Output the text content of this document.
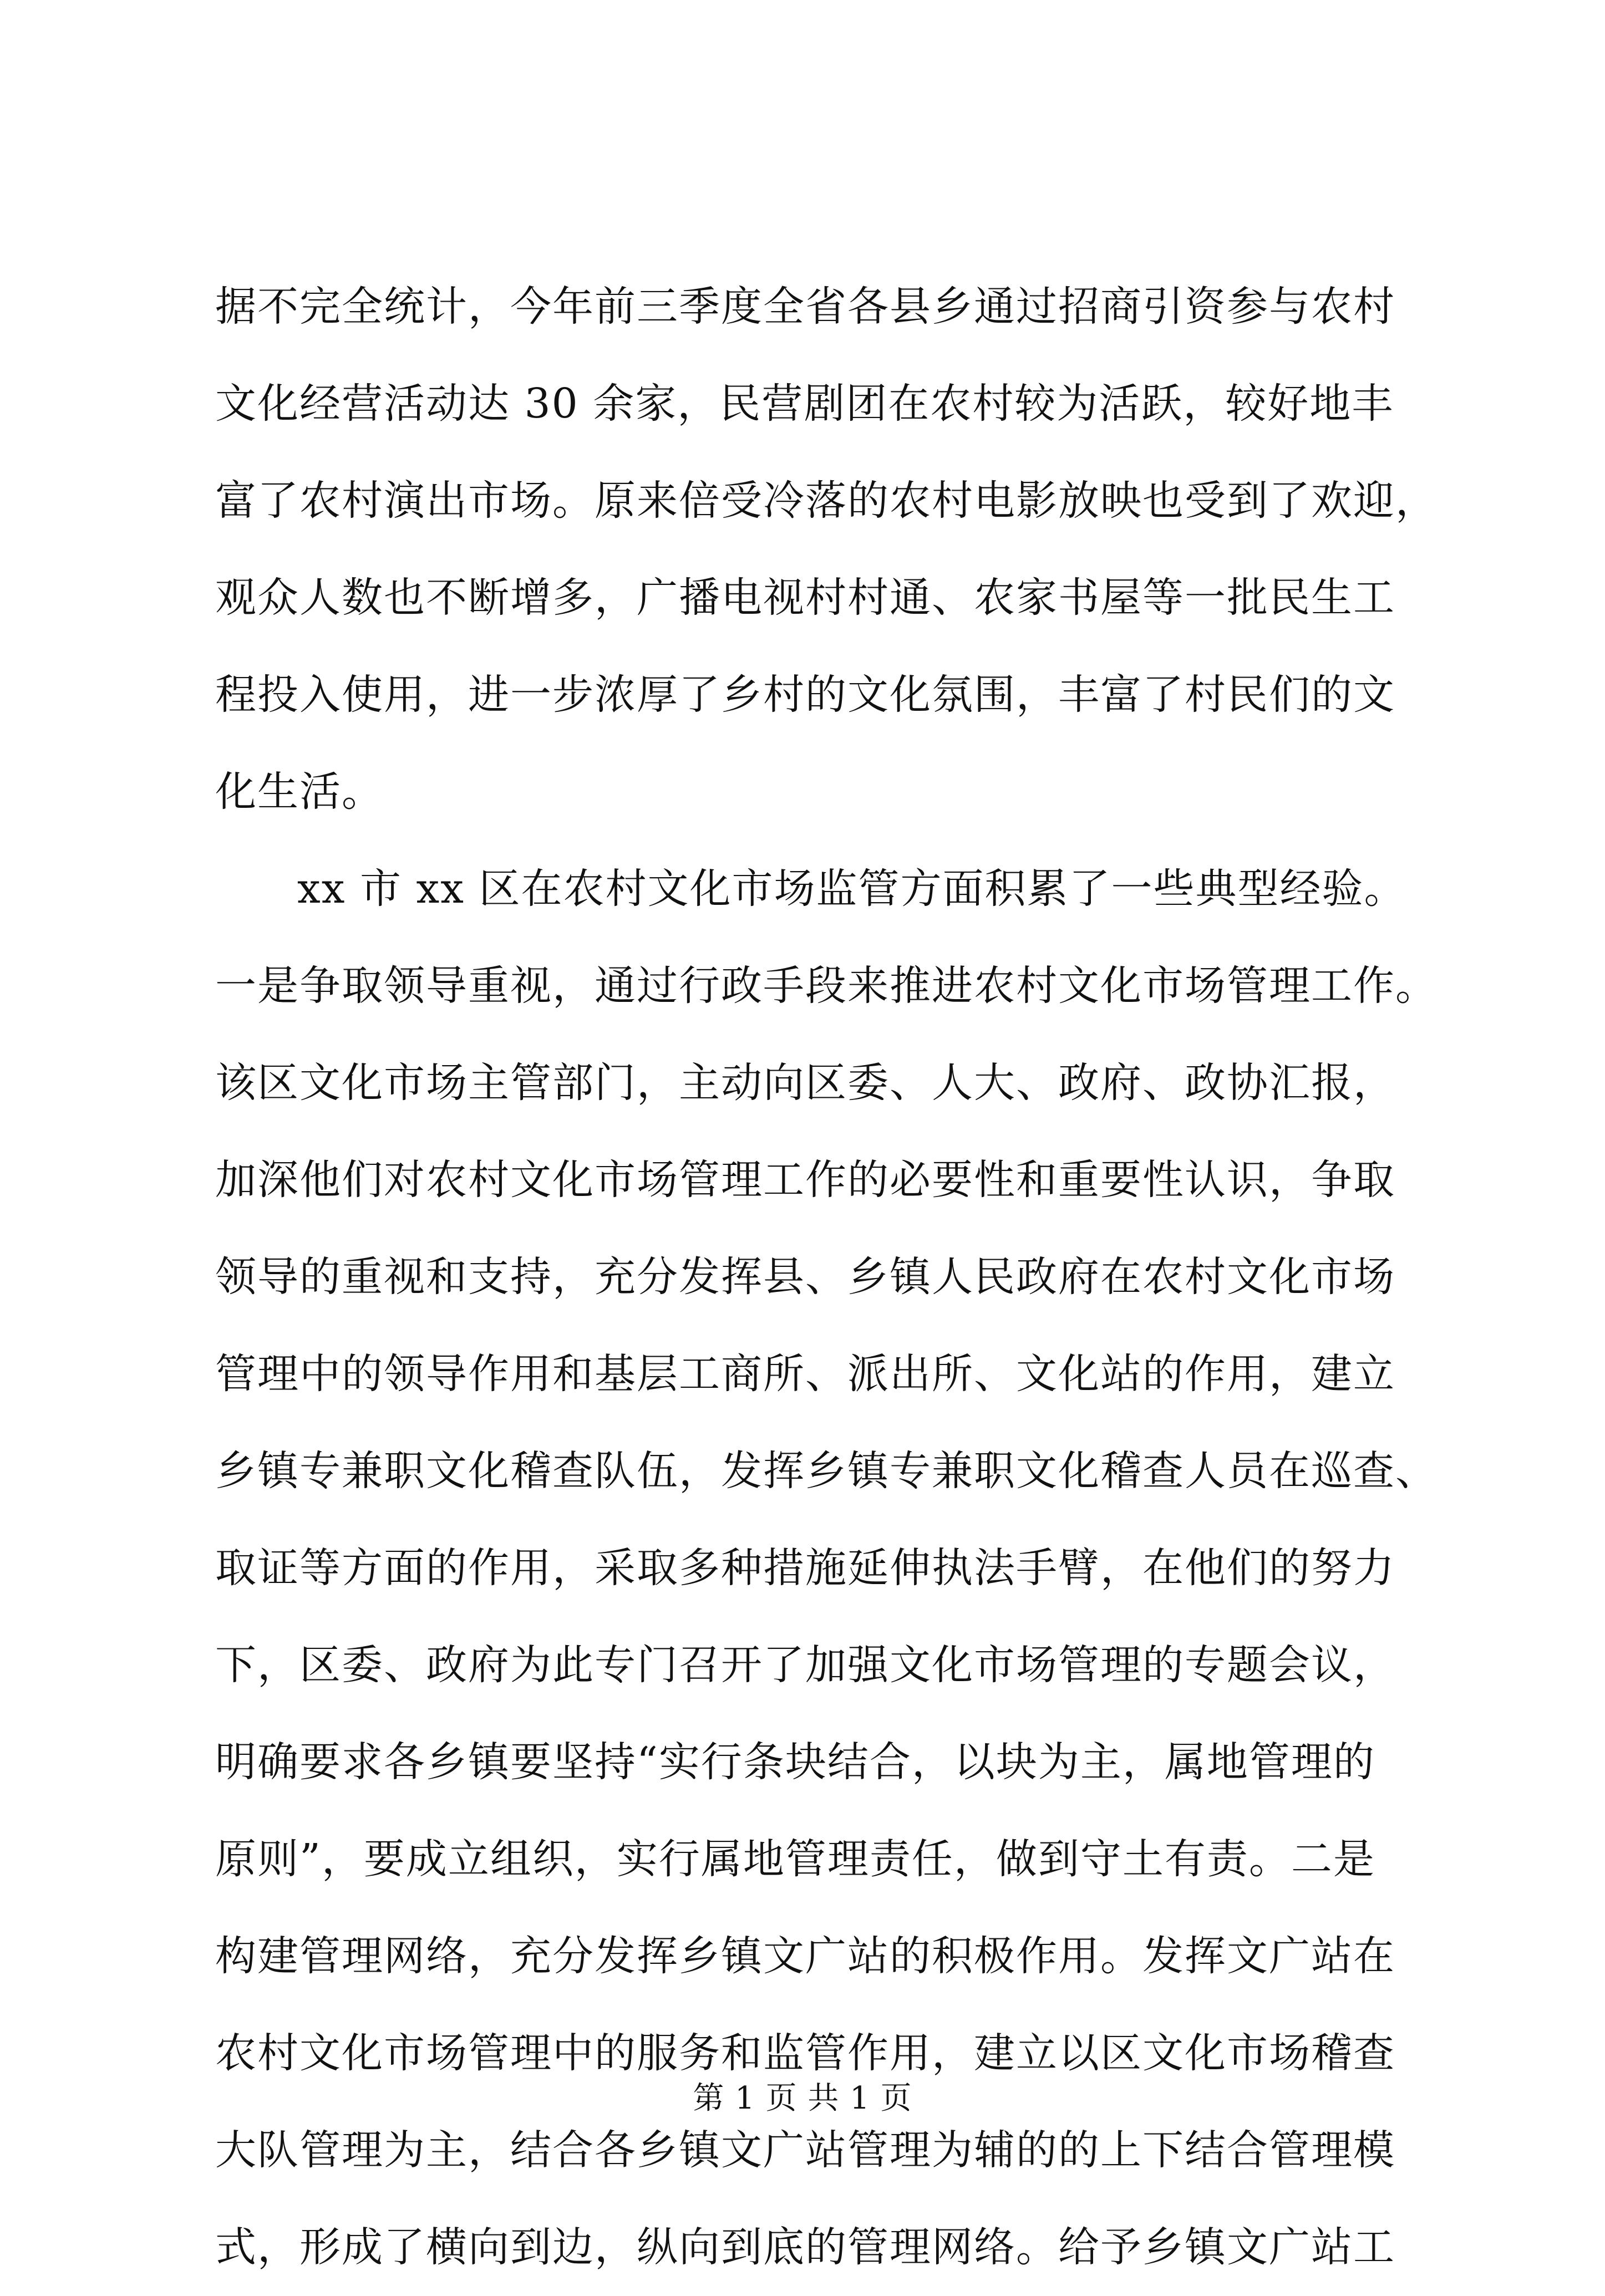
据不完全统计，今年前三季度全省各县乡通过招商引资参与农村
文化经营活动达 30 余家，民营剧团在农村较为活跃，较好地丰
富了农村演出市场。原来倍受冷落的农村电影放映也受到了欢迎，
观众人数也不断增多，广播电视村村通、农家书屋等一批民生工
程投入使用，进一步浓厚了乡村的文化氛围，丰富了村民们的文
化生活。
xx 市 xx 区在农村文化市场监管方面积累了一些典型经验。
一是争取领导重视，通过行政手段来推进农村文化市场管理工作。
该区文化市场主管部门，主动向区委、人大、政府、政协汇报，
加深他们对农村文化市场管理工作的必要性和重要性认识，争取
领导的重视和支持，充分发挥县、乡镇人民政府在农村文化市场
管理中的领导作用和基层工商所、派出所、文化站的作用，建立
乡镇专兼职文化稽查队伍，发挥乡镇专兼职文化稽查人员在巡查、
取证等方面的作用，采取多种措施延伸执法手臂，在他们的努力
下，区委、政府为此专门召开了加强文化市场管理的专题会议，
明确要求各乡镇要坚持“实行条块结合，以块为主，属地管理的
原则”，要成立组织，实行属地管理责任，做到守土有责。二是
构建管理网络，充分发挥乡镇文广站的积极作用。发挥文广站在
农村文化市场管理中的服务和监管作用，建立以区文化市场稽查
大队管理为主，结合各乡镇文广站管理为辅的的上下结合管理模
式，形成了横向到边，纵向到底的管理网络。给予乡镇文广站工
第 1 页 共 1 页
